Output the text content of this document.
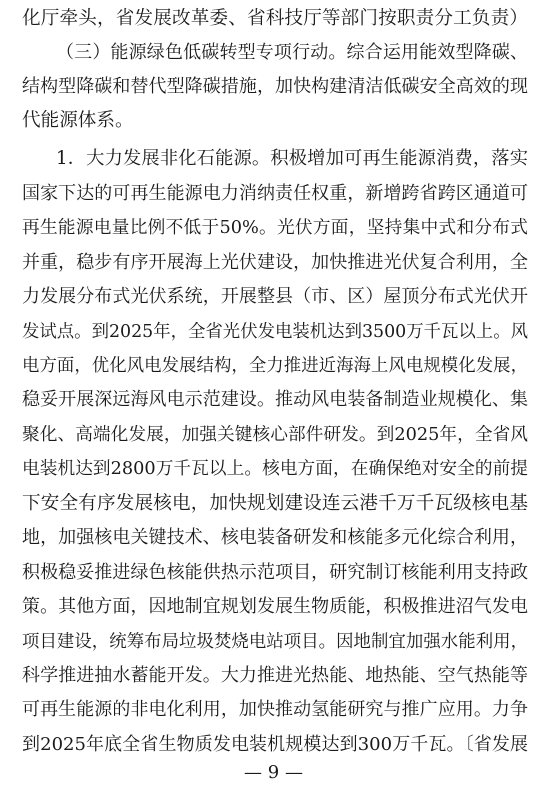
化厅牵头，省发展改革委、省科技厅等部门按职责分工负责）
（三）能源绿色低碳转型专项行动。综合运用能效型降碳、
结构型降碳和替代型降碳措施，加快构建清洁低碳安全高效的现
代能源体系。
1．大力发展非化石能源。积极增加可再生能源消费，落实
国家下达的可再生能源电力消纳责任权重，新增跨省跨区通道可
再生能源电量比例不低于50%。光伏方面，坚持集中式和分布式
并重，稳步有序开展海上光伏建设，加快推进光伏复合利用，全
力发展分布式光伏系统，开展整县（市、区）屋顶分布式光伏开
发试点。到2025年，全省光伏发电装机达到3500万千瓦以上。风
电方面，优化风电发展结构，全力推进近海海上风电规模化发展，
稳妥开展深远海风电示范建设。推动风电装备制造业规模化、集
聚化、高端化发展，加强关键核心部件研发。到2025年，全省风
电装机达到2800万千瓦以上。核电方面，在确保绝对安全的前提
下安全有序发展核电，加快规划建设连云港千万千瓦级核电基
地，加强核电关键技术、核电装备研发和核能多元化综合利用，
积极稳妥推进绿色核能供热示范项目，研究制订核能利用支持政
策。其他方面，因地制宜规划发展生物质能，积极推进沼气发电
项目建设，统筹布局垃圾焚烧电站项目。因地制宜加强水能利用，
科学推进抽水蓄能开发。大力推进光热能、地热能、空气热能等
可再生能源的非电化利用，加快推动氢能研究与推广应用。力争
到2025年底全省生物质发电装机规模达到300万千瓦。〔省发展
— 9 —
